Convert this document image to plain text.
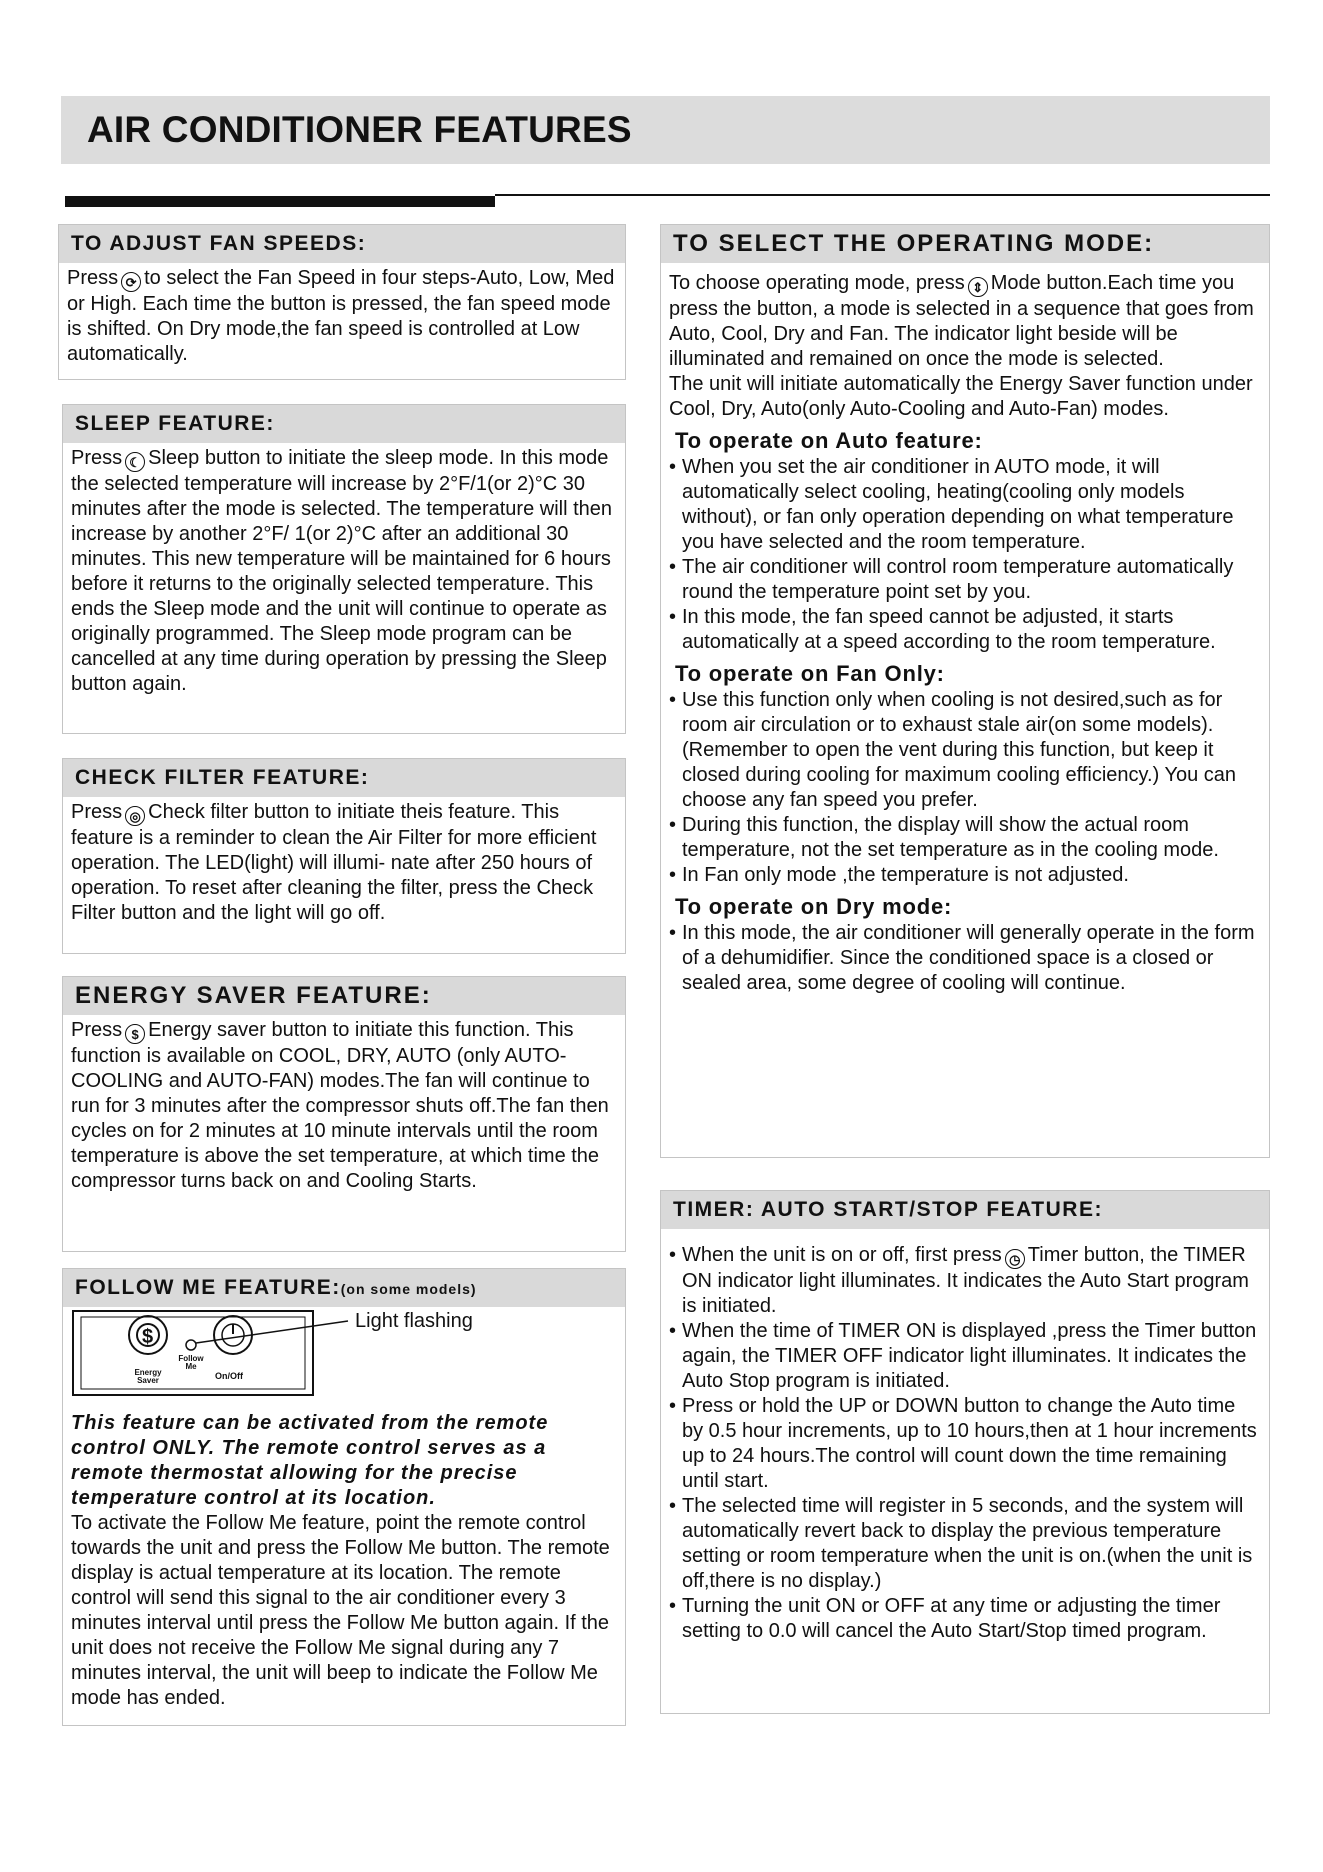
AIR CONDITIONER FEATURES
TO ADJUST FAN SPEEDS:

Press ⟳ to select the Fan Speed in four steps-Auto, Low, Med or High. Each time the button is pressed, the fan speed mode is shifted. On Dry mode,the fan speed is controlled at Low automatically.

SLEEP FEATURE:

Press ☾ Sleep button to initiate the sleep mode. In this mode the selected temperature will increase by 2°F/1(or 2)°C 30 minutes after the mode is selected. The temperature will then increase by another 2°F/ 1(or 2)°C after an additional 30 minutes. This new temperature will be maintained for 6 hours before it returns to the originally selected temperature. This ends the Sleep mode and the unit will continue to operate as originally programmed. The Sleep mode program can be cancelled at any time during operation by pressing the Sleep button again.

CHECK FILTER FEATURE:

Press ◎ Check filter button to initiate theis feature. This feature is a reminder to clean the Air Filter for more efficient operation. The LED(light) will illumi- nate after 250 hours of operation. To reset after cleaning the filter, press the Check Filter button and the light will go off.

ENERGY SAVER FEATURE:

Press $ Energy saver button to initiate this function. This function is available on COOL, DRY, AUTO (only AUTO-COOLING and AUTO-FAN) modes.The fan will continue to run for 3 minutes after the compressor shuts off.The fan then cycles on for 2 minutes at 10 minute intervals until the room temperature is above the set temperature, at which time the compressor turns back on and Cooling Starts.

FOLLOW ME FEATURE:(on some models)
$
Energy Saver
Follow Me
On/Off
Light flashing

This feature can be activated from the remote control ONLY. The remote control serves as a remote thermostat allowing for the precise temperature control at its location.

To activate the Follow Me feature, point the remote control towards the unit and press the Follow Me button. The remote display is actual temperature at its location. The remote control will send this signal to the air conditioner every 3 minutes interval until press the Follow Me button again. If the unit does not receive the Follow Me signal during any 7 minutes interval, the unit will beep to indicate the Follow Me mode has ended.

TO SELECT THE OPERATING MODE:

To choose operating mode, press ⇕ Mode button.Each time you press the button, a mode is selected in a sequence that goes from Auto, Cool, Dry and Fan. The indicator light beside will be illuminated and remained on once the mode is selected.

The unit will initiate automatically the Energy Saver function under Cool, Dry, Auto(only Auto-Cooling and Auto-Fan) modes.

To operate on Auto feature:
• When you set the air conditioner in AUTO mode, it will automatically select cooling, heating(cooling only models without), or fan only operation depending on what temperature you have selected and the room temperature.
• The air conditioner will control room temperature automatically round the temperature point set by you.
• In this mode, the fan speed cannot be adjusted, it starts automatically at a speed according to the room temperature.
To operate on Fan Only:
• Use this function only when cooling is not desired,such as for room air circulation or to exhaust stale air(on some models). (Remember to open the vent during this function, but keep it closed during cooling for maximum cooling efficiency.) You can choose any fan speed you prefer.
• During this function, the display will show the actual room temperature, not the set temperature as in the cooling mode.
• In Fan only mode ,the temperature is not adjusted.
To operate on Dry mode:
• In this mode, the air conditioner will generally operate in the form of a dehumidifier. Since the conditioned space is a closed or sealed area, some degree of cooling will continue.
TIMER: AUTO START/STOP FEATURE:
• When the unit is on or off, first press ◷ Timer button, the TIMER ON indicator light illuminates. It indicates the Auto Start program is initiated.
• When the time of TIMER ON is displayed ,press the Timer button again, the TIMER OFF indicator light illuminates. It indicates the Auto Stop program is initiated.
• Press or hold the UP or DOWN button to change the Auto time by 0.5 hour increments, up to 10 hours,then at 1 hour increments up to 24 hours.The control will count down the time remaining until start.
• The selected time will register in 5 seconds, and the system will automatically revert back to display the previous temperature setting or room temperature when the unit is on.(when the unit is off,there is no display.)
• Turning the unit ON or OFF at any time or adjusting the timer setting to 0.0 will cancel the Auto Start/Stop timed program.
